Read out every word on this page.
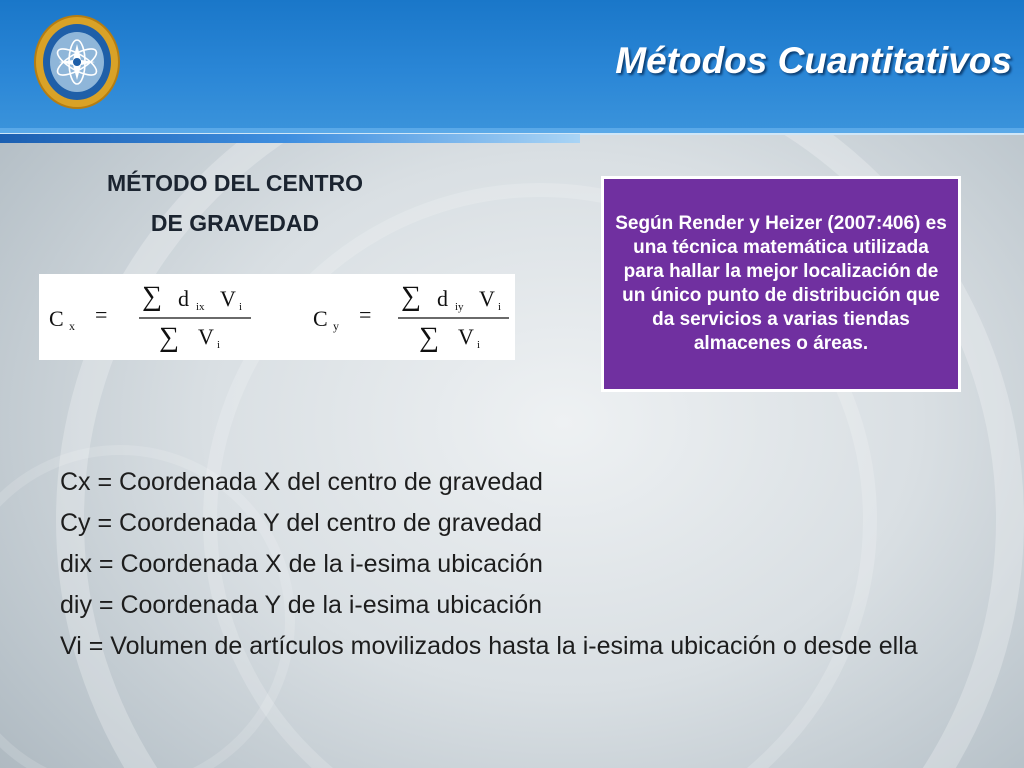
Métodos Cuantitativos
MÉTODO DEL CENTRO
DE GRAVEDAD
C x =
∑ d ix V i
∑ V i
C y =
∑ d iy V i
∑ V i

Según Render y Heizer (2007:406) es una técnica matemática utilizada para hallar la mejor localización de un único punto de distribución que da servicios a varias tiendas almacenes o áreas.

Cx = Coordenada X del centro de gravedad
Cy = Coordenada Y del centro de gravedad
dix = Coordenada X de la i-esima ubicación
diy = Coordenada Y de la i-esima ubicación
Vi = Volumen de artículos movilizados hasta la i-esima ubicación o desde ella
